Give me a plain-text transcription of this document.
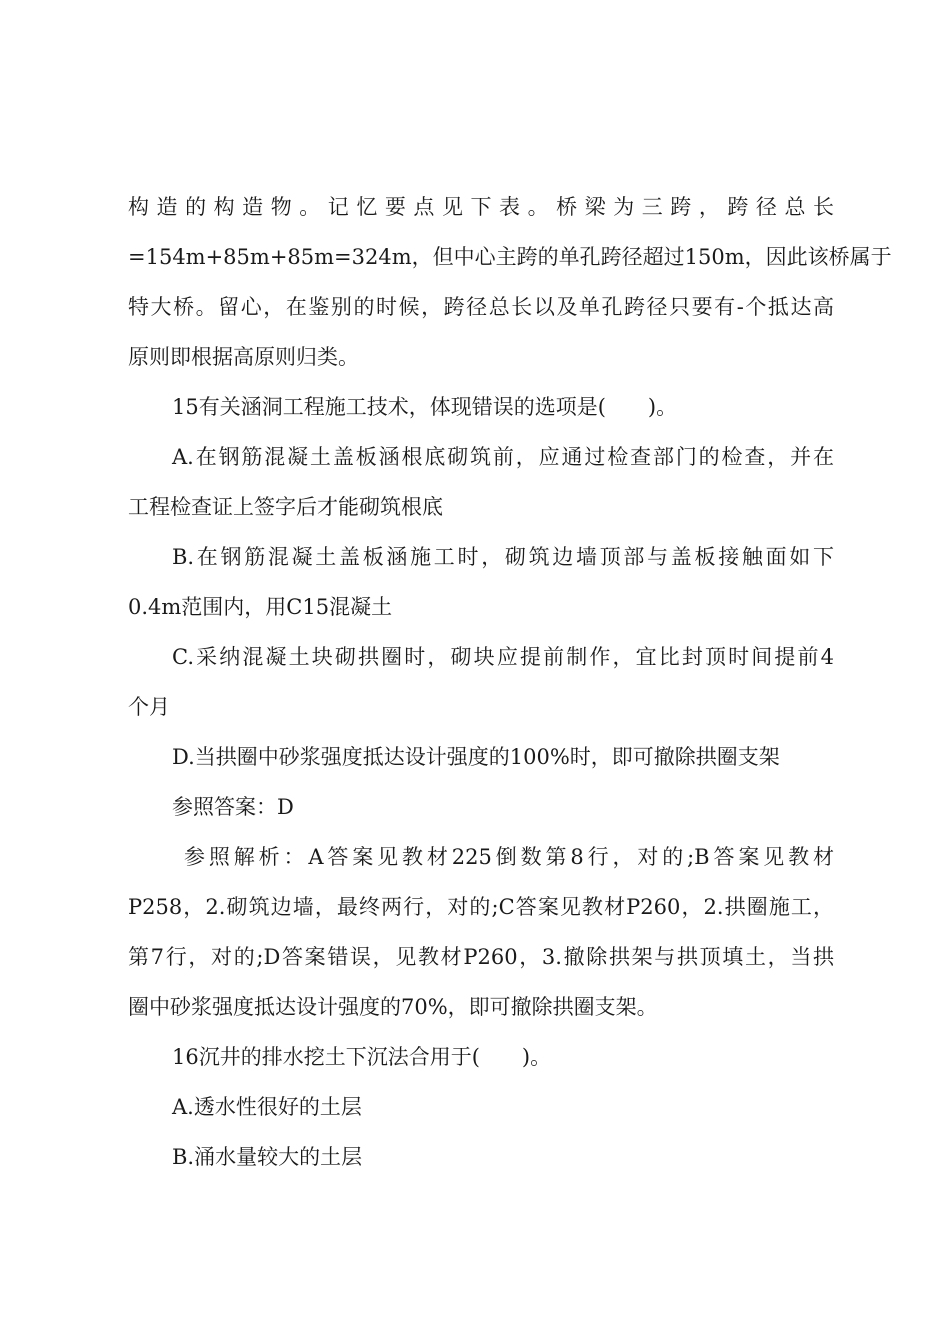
构造的构造物。记忆要点见下表。桥梁为三跨，跨径总长
=154m+85m+85m=324m，但中心主跨的单孔跨径超过150m，因此该桥属于
特大桥。留心，在鉴别的时候，跨径总长以及单孔跨径只要有-个抵达高
原则即根据高原则归类。
15有关涵洞工程施工技术，体现错误的选项是(　　)。
A.在钢筋混凝土盖板涵根底砌筑前，应通过检查部门的检查，并在
工程检查证上签字后才能砌筑根底
B.在钢筋混凝土盖板涵施工时，砌筑边墙顶部与盖板接触面如下
0.4m范围内，用C15混凝土
C.采纳混凝土块砌拱圈时，砌块应提前制作，宜比封顶时间提前4
个月
D.当拱圈中砂浆强度抵达设计强度的100%时，即可撤除拱圈支架
参照答案：D
参照解析：A答案见教材225倒数第8行，对的;B答案见教材
P258，2.砌筑边墙，最终两行，对的;C答案见教材P260，2.拱圈施工，
第7行，对的;D答案错误，见教材P260，3.撤除拱架与拱顶填土，当拱
圈中砂浆强度抵达设计强度的70%，即可撤除拱圈支架。
16沉井的排水挖土下沉法合用于(　　)。
A.透水性很好的土层
B.涌水量较大的土层
